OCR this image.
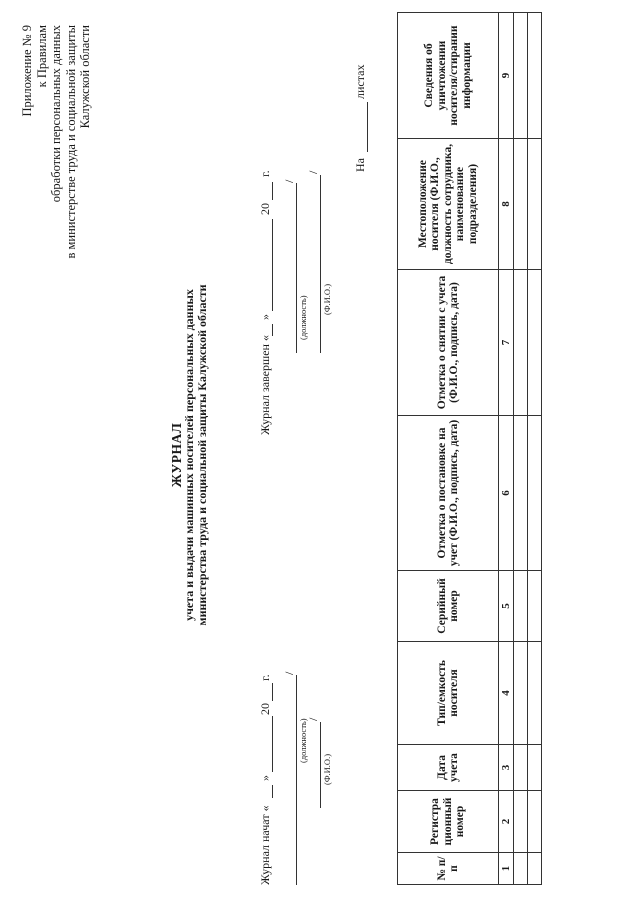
Приложение № 9 к Правилам обработки персональных данных в министерстве труда и социальной защиты Калужской области
ЖУРНАЛ
учета и выдачи машинных носителей персональных данных министерства труда и социальной защиты Калужской области
Журнал начат «
»
20
г.
/
(должность)
/
(Ф.И.О.)
Журнал завершен «
»
20
г.
/
(должность)
/
(Ф.И.О.)
На
листах
№ п/п	Регистра ционный номер	Дата учета	Тип/емкость носителя	Серийный номер	Отметка о постановке на учет (Ф.И.О., подпись, дата)	Отметка о снятии с учета (Ф.И.О., подпись, дата)	Местоположение носителя (Ф.И.О., должность сотрудника, наименование подразделения)	Сведения об уничтожении носителя/стирании информации
1	2	3	4	5	6	7	8	9
